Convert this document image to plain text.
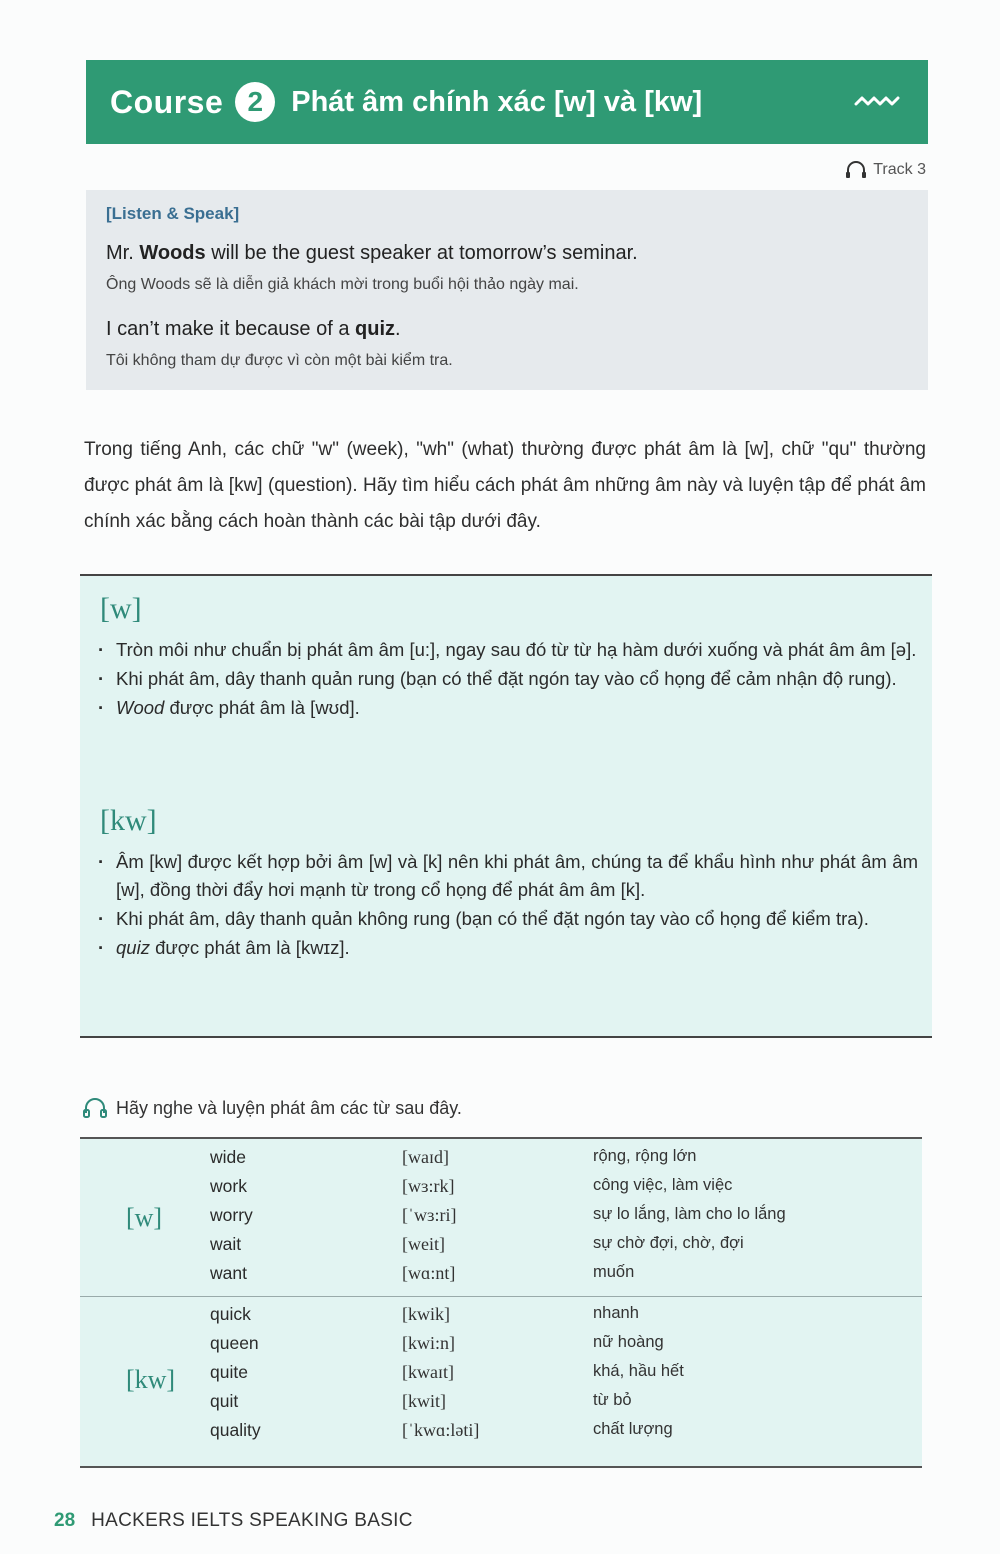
Course 2 Phát âm chính xác [w] và [kw]
Track 3
[Listen & Speak]
Mr. Woods will be the guest speaker at tomorrow’s seminar.
Ông Woods sẽ là diễn giả khách mời trong buổi hội thảo ngày mai.
I can’t make it because of a quiz.
Tôi không tham dự được vì còn một bài kiểm tra.
Trong tiếng Anh, các chữ "w" (week), "wh" (what) thường được phát âm là [w], chữ "qu" thường được phát âm là [kw] (question). Hãy tìm hiểu cách phát âm những âm này và luyện tập để phát âm chính xác bằng cách hoàn thành các bài tập dưới đây.
[w]
· Tròn môi như chuẩn bị phát âm âm [u:], ngay sau đó từ từ hạ hàm dưới xuống và phát âm âm [ə].
· Khi phát âm, dây thanh quản rung (bạn có thể đặt ngón tay vào cổ họng để cảm nhận độ rung).
· Wood được phát âm là [wʊd].
[kw]
· Âm [kw] được kết hợp bởi âm [w] và [k] nên khi phát âm, chúng ta để khẩu hình như phát âm âm [w], đồng thời đẩy hơi mạnh từ trong cổ họng để phát âm âm [k].
· Khi phát âm, dây thanh quản không rung (bạn có thể đặt ngón tay vào cổ họng để kiểm tra).
· quiz được phát âm là [kwɪz].
Hãy nghe và luyện phát âm các từ sau đây.
[w]
wide	[waɪd]	rộng, rộng lớn
work	[wɜ:rk]	công việc, làm việc
worry	[ˈwɜ:ri]	sự lo lắng, làm cho lo lắng
wait	[weit]	sự chờ đợi, chờ, đợi
want	[wɑ:nt]	muốn
[kw]
quick	[kwik]	nhanh
queen	[kwi:n]	nữ hoàng
quite	[kwaɪt]	khá, hầu hết
quit	[kwit]	từ bỏ
quality	[ˈkwɑ:ləti]	chất lượng
28 HACKERS IELTS SPEAKING BASIC
